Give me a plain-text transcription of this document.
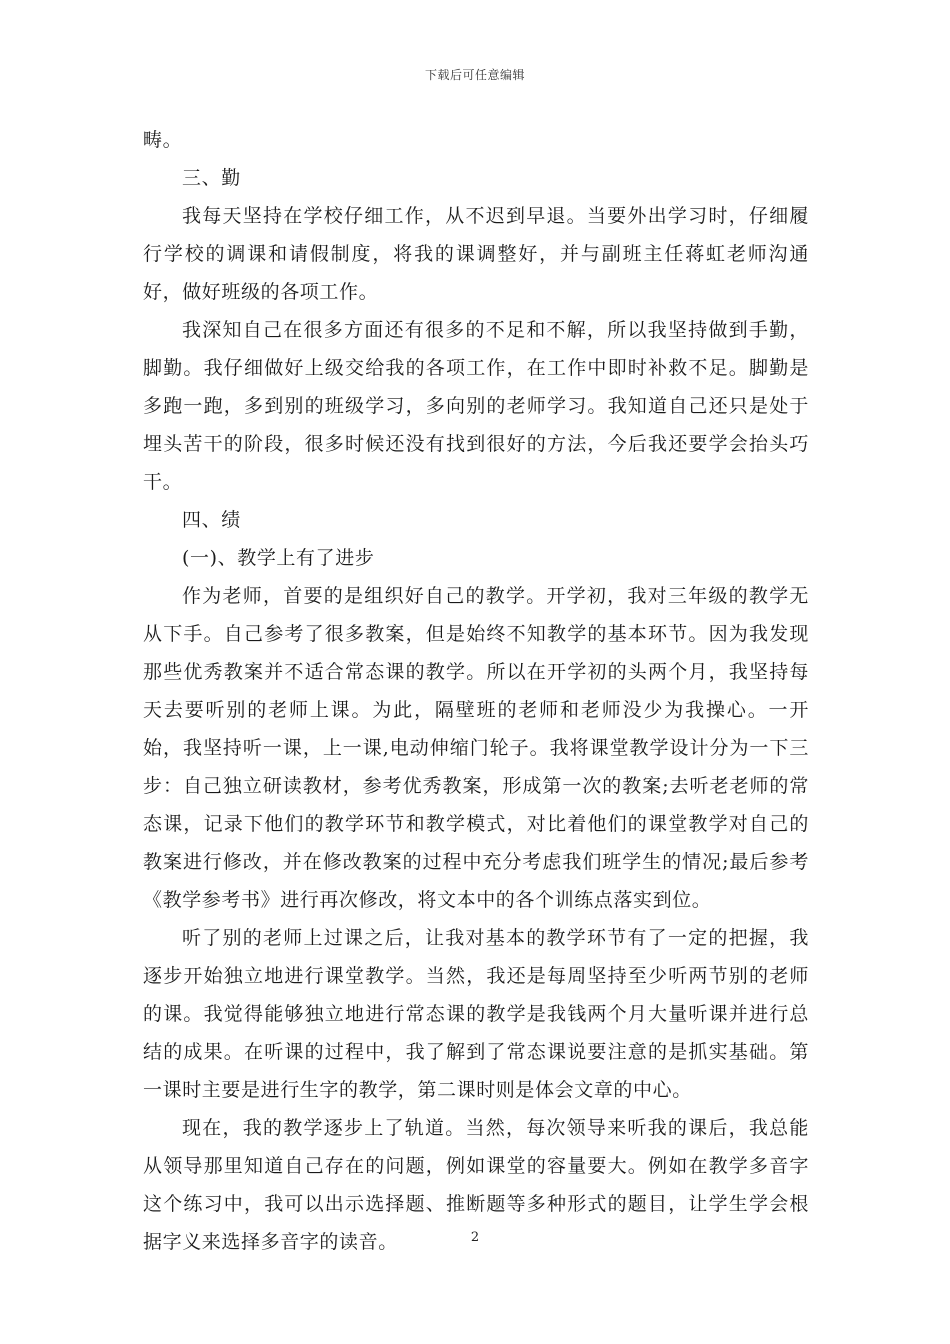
下载后可任意编辑

畴。

三、勤

我每天坚持在学校仔细工作，从不迟到早退。当要外出学习时，仔细履行学校的调课和请假制度，将我的课调整好，并与副班主任蒋虹老师沟通好，做好班级的各项工作。

我深知自己在很多方面还有很多的不足和不解，所以我坚持做到手勤，脚勤。我仔细做好上级交给我的各项工作，在工作中即时补救不足。脚勤是多跑一跑，多到别的班级学习，多向别的老师学习。我知道自己还只是处于埋头苦干的阶段，很多时候还没有找到很好的方法，今后我还要学会抬头巧干。

四、绩

(一)、教学上有了进步

作为老师，首要的是组织好自己的教学。开学初，我对三年级的教学无从下手。自己参考了很多教案，但是始终不知教学的基本环节。因为我发现那些优秀教案并不适合常态课的教学。所以在开学初的头两个月，我坚持每天去要听别的老师上课。为此，隔壁班的老师和老师没少为我操心。一开始，我坚持听一课，上一课,电动伸缩门轮子。我将课堂教学设计分为一下三步：自己独立研读教材，参考优秀教案，形成第一次的教案;去听老老师的常态课，记录下他们的教学环节和教学模式，对比着他们的课堂教学对自己的教案进行修改，并在修改教案的过程中充分考虑我们班学生的情况;最后参考《教学参考书》进行再次修改，将文本中的各个训练点落实到位。

听了别的老师上过课之后，让我对基本的教学环节有了一定的把握，我逐步开始独立地进行课堂教学。当然，我还是每周坚持至少听两节别的老师的课。我觉得能够独立地进行常态课的教学是我钱两个月大量听课并进行总结的成果。在听课的过程中，我了解到了常态课说要注意的是抓实基础。第一课时主要是进行生字的教学，第二课时则是体会文章的中心。

现在，我的教学逐步上了轨道。当然，每次领导来听我的课后，我总能从领导那里知道自己存在的问题，例如课堂的容量要大。例如在教学多音字这个练习中，我可以出示选择题、推断题等多种形式的题目，让学生学会根据字义来选择多音字的读音。	2
